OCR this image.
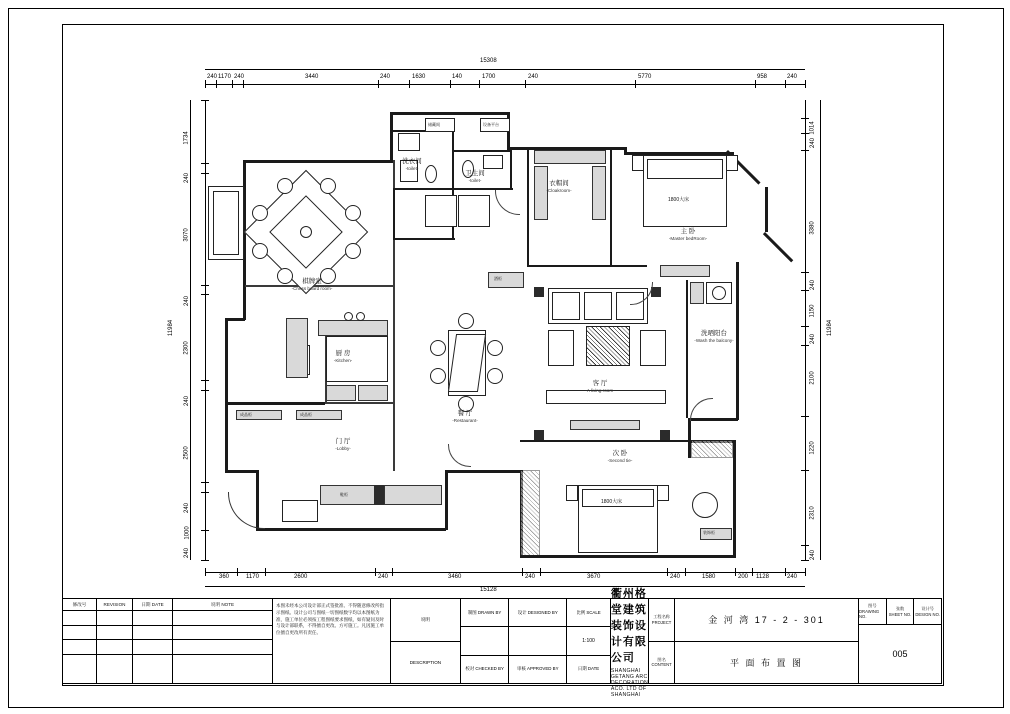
15308
240 1170 240	3440	240	1630	140	1700	240	5770	958	240
15128
360	1170	2600	240	3460	240	3670	240	1580	200 1128	240
11984
1734
240
3070
240
2300
240
2500
240
1000
240
11984
240
1014
3380
240
1150
240
2100
1220
2310
240
洗衣间
-toilet-
卫生间
-toilet-
储藏间	设备平台
棋牌室
-Chess board room-
厨 房
-Kitchen-
成品柜	成品柜
门 厅
-Lobby-
餐 厅
-Restaurant-
酒柜
客 厅
-A living room-
1800大床
主 卧
-Master bedRoom-
衣帽间
-Cloakroom-
洗晒阳台
-Wash the balcony-
1800大床
装饰柜
次 卧
-Second tie-
鞋柜
修改号	REVISION	日期 DATE	说明 NOTE	本图未经本公司设计部正式签批准、不得随意修改所指示图纸。设计公司与图纸一切图纸数字均以本图纸为准，施工单位必须按工程图纸要求图纸，如有疑问及时与设计部联系，不得擅自更改。方可施工。凡因施工单位擅自更改所有责任。
说明
DESCRIPTION
制图 DRAWN BY	设计 DESIGNED BY	比例 SCALE
1:100
校对 CHECKED BY	审核 APPROVED BY	日期 DATE
衢州格堂建筑装饰设计有限公司
SHANGHAI GETANG ARC DECORATION ACO. LTD OF SHANGHAI
工程名称
PROJECT	金 河 湾 17 - 2 - 301
图名
CONTENT	平 面 布 置 图
图号
DRAWING NO.
张数
SHEET NO.
设计号
DESIGN NO.
005
